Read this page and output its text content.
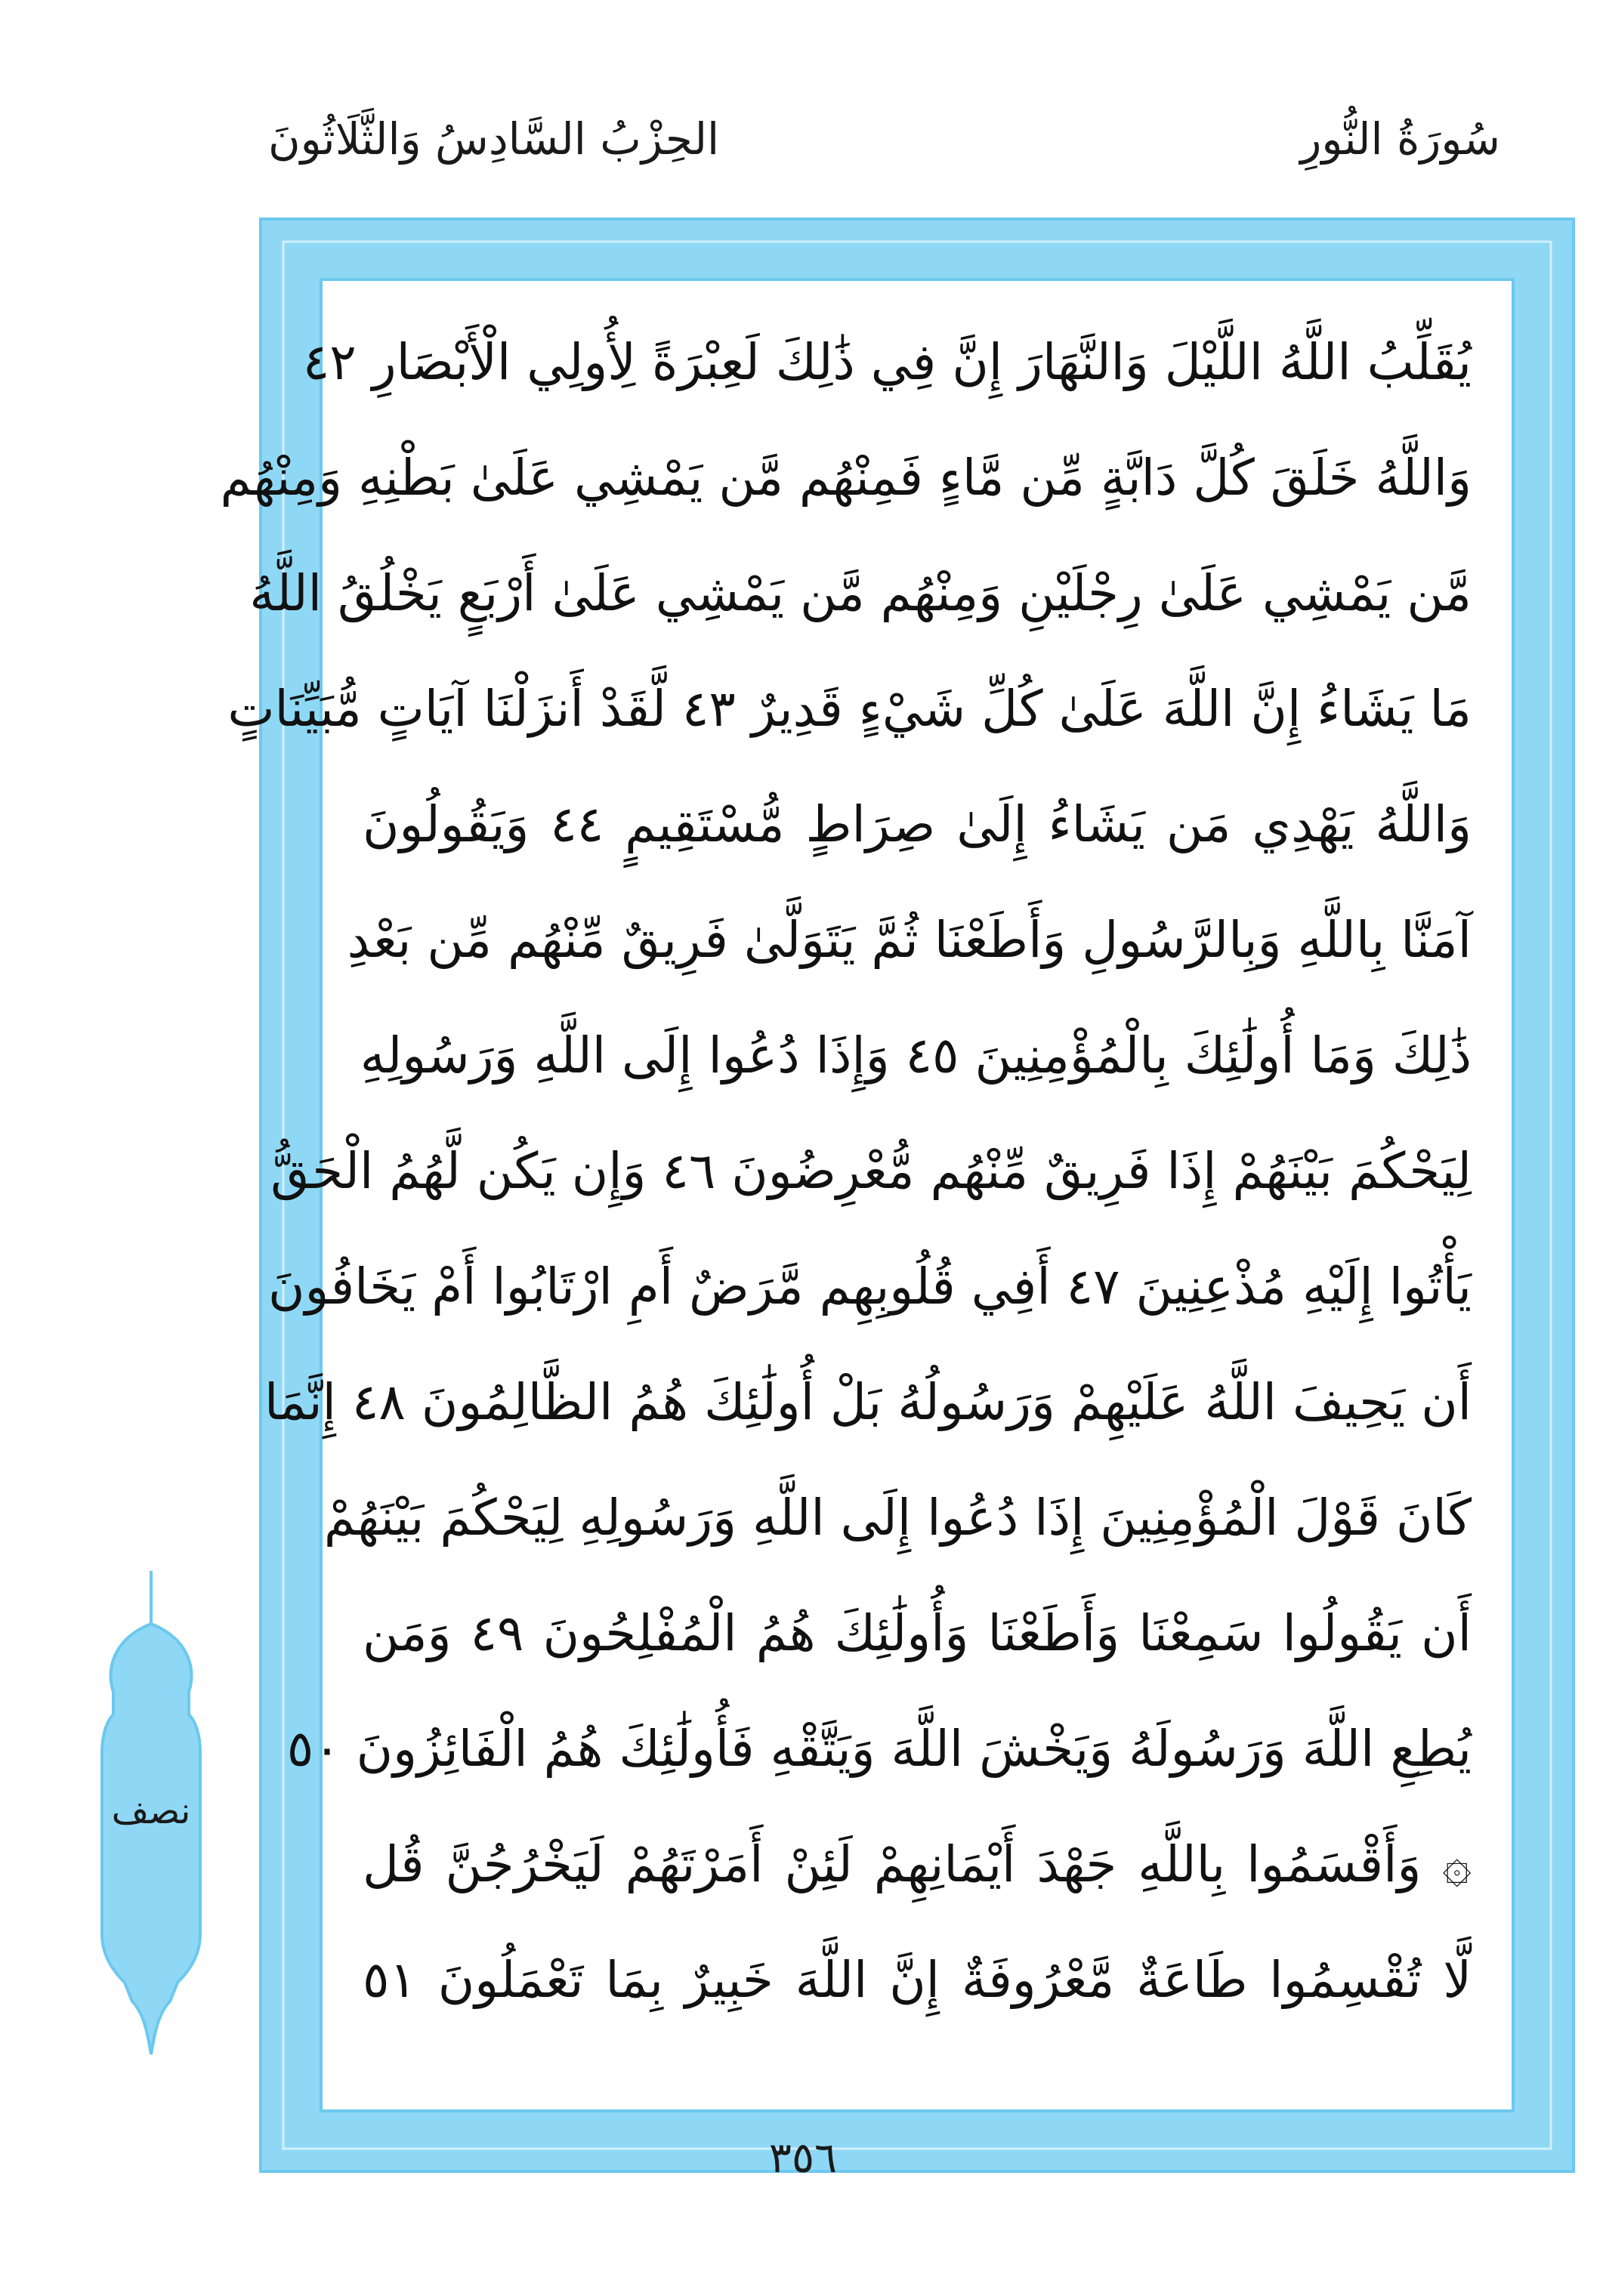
سُورَةُ النُّورِ
الحِزْبُ السَّادِسُ وَالثَّلَاثُونَ
يُقَلِّبُ اللَّهُ اللَّيْلَ وَالنَّهَارَ إِنَّ فِي ذَٰلِكَ لَعِبْرَةً لِأُولِي الْأَبْصَارِ ٤٢
وَاللَّهُ خَلَقَ كُلَّ دَابَّةٍ مِّن مَّاءٍ فَمِنْهُم مَّن يَمْشِي عَلَىٰ بَطْنِهِ وَمِنْهُم
مَّن يَمْشِي عَلَىٰ رِجْلَيْنِ وَمِنْهُم مَّن يَمْشِي عَلَىٰ أَرْبَعٍ يَخْلُقُ اللَّهُ
مَا يَشَاءُ إِنَّ اللَّهَ عَلَىٰ كُلِّ شَيْءٍ قَدِيرٌ ٤٣ لَّقَدْ أَنزَلْنَا آيَاتٍ مُّبَيِّنَاتٍ
وَاللَّهُ يَهْدِي مَن يَشَاءُ إِلَىٰ صِرَاطٍ مُّسْتَقِيمٍ ٤٤ وَيَقُولُونَ
آمَنَّا بِاللَّهِ وَبِالرَّسُولِ وَأَطَعْنَا ثُمَّ يَتَوَلَّىٰ فَرِيقٌ مِّنْهُم مِّن بَعْدِ
ذَٰلِكَ وَمَا أُولَٰئِكَ بِالْمُؤْمِنِينَ ٤٥ وَإِذَا دُعُوا إِلَى اللَّهِ وَرَسُولِهِ
لِيَحْكُمَ بَيْنَهُمْ إِذَا فَرِيقٌ مِّنْهُم مُّعْرِضُونَ ٤٦ وَإِن يَكُن لَّهُمُ الْحَقُّ
يَأْتُوا إِلَيْهِ مُذْعِنِينَ ٤٧ أَفِي قُلُوبِهِم مَّرَضٌ أَمِ ارْتَابُوا أَمْ يَخَافُونَ
أَن يَحِيفَ اللَّهُ عَلَيْهِمْ وَرَسُولُهُ بَلْ أُولَٰئِكَ هُمُ الظَّالِمُونَ ٤٨ إِنَّمَا
كَانَ قَوْلَ الْمُؤْمِنِينَ إِذَا دُعُوا إِلَى اللَّهِ وَرَسُولِهِ لِيَحْكُمَ بَيْنَهُمْ
أَن يَقُولُوا سَمِعْنَا وَأَطَعْنَا وَأُولَٰئِكَ هُمُ الْمُفْلِحُونَ ٤٩ وَمَن
يُطِعِ اللَّهَ وَرَسُولَهُ وَيَخْشَ اللَّهَ وَيَتَّقْهِ فَأُولَٰئِكَ هُمُ الْفَائِزُونَ ٥٠
۞ وَأَقْسَمُوا بِاللَّهِ جَهْدَ أَيْمَانِهِمْ لَئِنْ أَمَرْتَهُمْ لَيَخْرُجُنَّ قُل
لَّا تُقْسِمُوا طَاعَةٌ مَّعْرُوفَةٌ إِنَّ اللَّهَ خَبِيرٌ بِمَا تَعْمَلُونَ ٥١
نصف
٣٥٦
